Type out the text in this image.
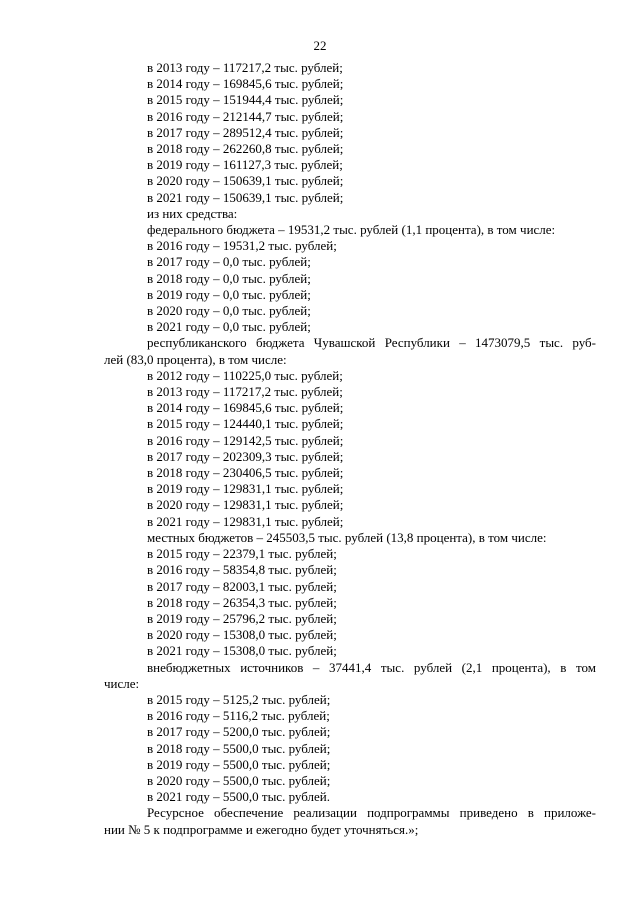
22
в 2013 году – 117217,2 тыс. рублей;
в 2014 году – 169845,6 тыс. рублей;
в 2015 году – 151944,4 тыс. рублей;
в 2016 году – 212144,7 тыс. рублей;
в 2017 году – 289512,4 тыс. рублей;
в 2018 году – 262260,8 тыс. рублей;
в 2019 году – 161127,3 тыс. рублей;
в 2020 году – 150639,1 тыс. рублей;
в 2021 году – 150639,1 тыс. рублей;
из них средства:
федерального бюджета – 19531,2 тыс. рублей (1,1 процента), в том числе:
в 2016 году – 19531,2 тыс. рублей;
в 2017 году – 0,0 тыс. рублей;
в 2018 году – 0,0 тыс. рублей;
в 2019 году – 0,0 тыс. рублей;
в 2020 году – 0,0 тыс. рублей;
в 2021 году – 0,0 тыс. рублей;
республиканского бюджета Чувашской Республики – 1473079,5 тыс. руб-
лей (83,0 процента), в том числе:
в 2012 году – 110225,0 тыс. рублей;
в 2013 году – 117217,2 тыс. рублей;
в 2014 году – 169845,6 тыс. рублей;
в 2015 году – 124440,1 тыс. рублей;
в 2016 году – 129142,5 тыс. рублей;
в 2017 году – 202309,3 тыс. рублей;
в 2018 году – 230406,5 тыс. рублей;
в 2019 году – 129831,1 тыс. рублей;
в 2020 году – 129831,1 тыс. рублей;
в 2021 году – 129831,1 тыс. рублей;
местных бюджетов – 245503,5 тыс. рублей (13,8 процента), в том числе:
в 2015 году – 22379,1 тыс. рублей;
в 2016 году – 58354,8 тыс. рублей;
в 2017 году – 82003,1 тыс. рублей;
в 2018 году – 26354,3 тыс. рублей;
в 2019 году – 25796,2 тыс. рублей;
в 2020 году – 15308,0 тыс. рублей;
в 2021 году – 15308,0 тыс. рублей;
внебюджетных источников – 37441,4 тыс. рублей (2,1 процента), в том
числе:
в 2015 году – 5125,2 тыс. рублей;
в 2016 году – 5116,2 тыс. рублей;
в 2017 году – 5200,0 тыс. рублей;
в 2018 году – 5500,0 тыс. рублей;
в 2019 году – 5500,0 тыс. рублей;
в 2020 году – 5500,0 тыс. рублей;
в 2021 году – 5500,0 тыс. рублей.
Ресурсное обеспечение реализации подпрограммы приведено в приложе-
нии № 5 к подпрограмме и ежегодно будет уточняться.»;
